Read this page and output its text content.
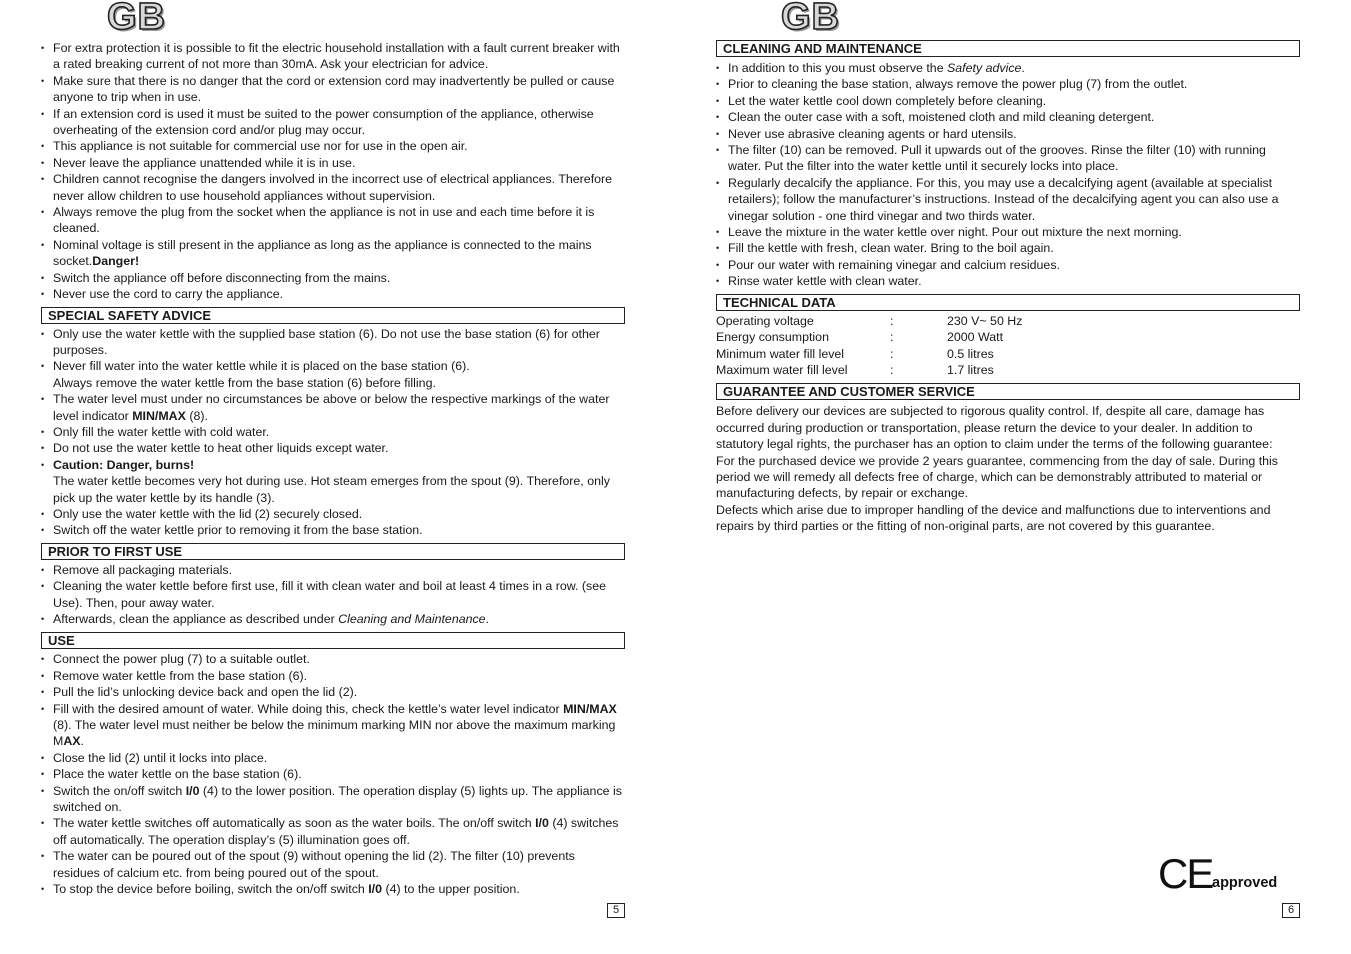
GB	GB
• For extra protection it is possible to fit the electric household installation with a fault current breaker with a rated breaking current of not more than 30mA. Ask your electrician for advice.
• Make sure that there is no danger that the cord or extension cord may inadvertently be pulled or cause anyone to trip when in use.
• If an extension cord is used it must be suited to the power consumption of the appliance, otherwise overheating of the extension cord and/or plug may occur.
• This appliance is not suitable for commercial use nor for use in the open air.
• Never leave the appliance unattended while it is in use.
• Children cannot recognise the dangers involved in the incorrect use of electrical appliances. Therefore never allow children to use household appliances without supervision.
• Always remove the plug from the socket when the appliance is not in use and each time before it is cleaned.
• Nominal voltage is still present in the appliance as long as the appliance is connected to the mains socket.Danger!
• Switch the appliance off before disconnecting from the mains.
• Never use the cord to carry the appliance.
SPECIAL SAFETY ADVICE
• Only use the water kettle with the supplied base station (6). Do not use the base station (6) for other purposes.
• Never fill water into the water kettle while it is placed on the base station (6).
Always remove the water kettle from the base station (6) before filling.
• The water level must under no circumstances be above or below the respective markings of the water level indicator MIN/MAX (8).
• Only fill the water kettle with cold water.
• Do not use the water kettle to heat other liquids except water.
• Caution: Danger, burns!
The water kettle becomes very hot during use. Hot steam emerges from the spout (9). Therefore, only pick up the water kettle by its handle (3).
• Only use the water kettle with the lid (2) securely closed.
• Switch off the water kettle prior to removing it from the base station.
PRIOR TO FIRST USE
• Remove all packaging materials.
• Cleaning the water kettle before first use, fill it with clean water and boil at least 4 times in a row. (see Use). Then, pour away water.
• Afterwards, clean the appliance as described under Cleaning and Maintenance.
USE
• Connect the power plug (7) to a suitable outlet.
• Remove water kettle from the base station (6).
• Pull the lid’s unlocking device back and open the lid (2).
• Fill with the desired amount of water. While doing this, check the kettle’s water level indicator MIN/MAX (8). The water level must neither be below the minimum marking MIN nor above the maximum marking MAX.
• Close the lid (2) until it locks into place.
• Place the water kettle on the base station (6).
• Switch the on/off switch I/0 (4) to the lower position. The operation display (5) lights up. The appliance is switched on.
• The water kettle switches off automatically as soon as the water boils. The on/off switch I/0 (4) switches off automatically. The operation display’s (5) illumination goes off.
• The water can be poured out of the spout (9) without opening the lid (2). The filter (10) prevents residues of calcium etc. from being poured out of the spout.
• To stop the device before boiling, switch the on/off switch I/0 (4) to the upper position.
5
CLEANING AND MAINTENANCE
• In addition to this you must observe the Safety advice.
• Prior to cleaning the base station, always remove the power plug (7) from the outlet.
• Let the water kettle cool down completely before cleaning.
• Clean the outer case with a soft, moistened cloth and mild cleaning detergent.
• Never use abrasive cleaning agents or hard utensils.
• The filter (10) can be removed. Pull it upwards out of the grooves. Rinse the filter (10) with running water. Put the filter into the water kettle until it securely locks into place.
• Regularly decalcify the appliance. For this, you may use a decalcifying agent (available at specialist retailers); follow the manufacturer’s instructions. Instead of the decalcifying agent you can also use a vinegar solution - one third vinegar and two thirds water.
• Leave the mixture in the water kettle over night. Pour out mixture the next morning.
• Fill the kettle with fresh, clean water. Bring to the boil again.
• Pour our water with remaining vinegar and calcium residues.
• Rinse water kettle with clean water.
TECHNICAL DATA
Operating voltage	:	230 V~ 50 Hz
Energy consumption	:	2000 Watt
Minimum water fill level	:	0.5 litres
Maximum water fill level	:	1.7 litres
GUARANTEE AND CUSTOMER SERVICE

Before delivery our devices are subjected to rigorous quality control. If, despite all care, damage has occurred during production or transportation, please return the device to your dealer. In addition to statutory legal rights, the purchaser has an option to claim under the terms of the following guarantee:

For the purchased device we provide 2 years guarantee, commencing from the day of sale. During this period we will remedy all defects free of charge, which can be demonstrably attributed to material or manufacturing defects, by repair or exchange.

Defects which arise due to improper handling of the device and malfunctions due to interventions and repairs by third parties or the fitting of non-original parts, are not covered by this guarantee.

CE approved
6
